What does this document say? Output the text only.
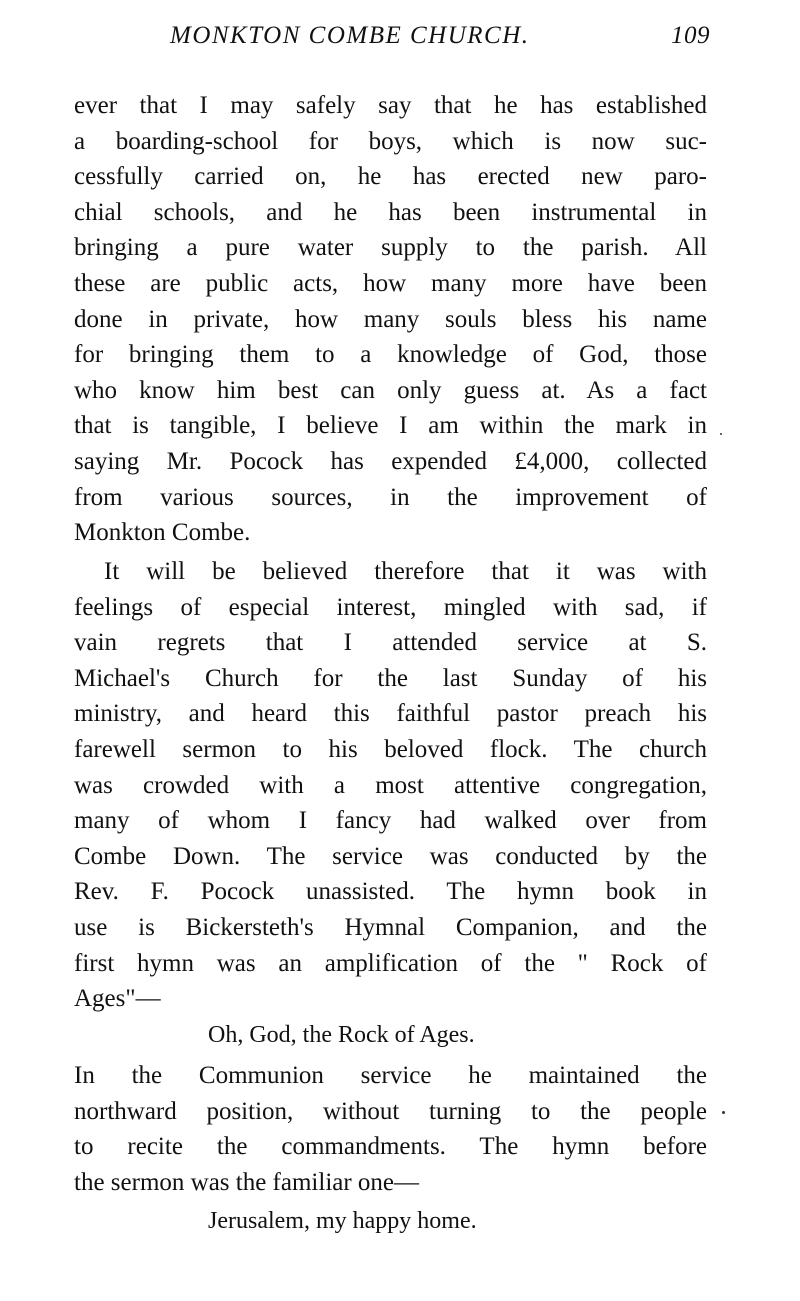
MONKTON COMBE CHURCH.	109
ever that I may safely say that he has established
a boarding-school for boys, which is now suc-
cessfully carried on, he has erected new paro-
chial schools, and he has been instrumental in
bringing a pure water supply to the parish. All
these are public acts, how many more have been
done in private, how many souls bless his name
for bringing them to a knowledge of God, those
who know him best can only guess at. As a fact
that is tangible, I believe I am within the mark in
saying Mr. Pocock has expended £4,000, collected
from various sources, in the improvement of
Monkton Combe.
It will be believed therefore that it was with
feelings of especial interest, mingled with sad, if
vain regrets that I attended service at S.
Michael's Church for the last Sunday of his
ministry, and heard this faithful pastor preach his
farewell sermon to his beloved flock. The church
was crowded with a most attentive congregation,
many of whom I fancy had walked over from
Combe Down. The service was conducted by the
Rev. F. Pocock unassisted. The hymn book in
use is Bickersteth's Hymnal Companion, and the
first hymn was an amplification of the " Rock of
Ages"—
Oh, God, the Rock of Ages.
In the Communion service he maintained the
northward position, without turning to the people
to recite the commandments. The hymn before
the sermon was the familiar one—
Jerusalem, my happy home.
